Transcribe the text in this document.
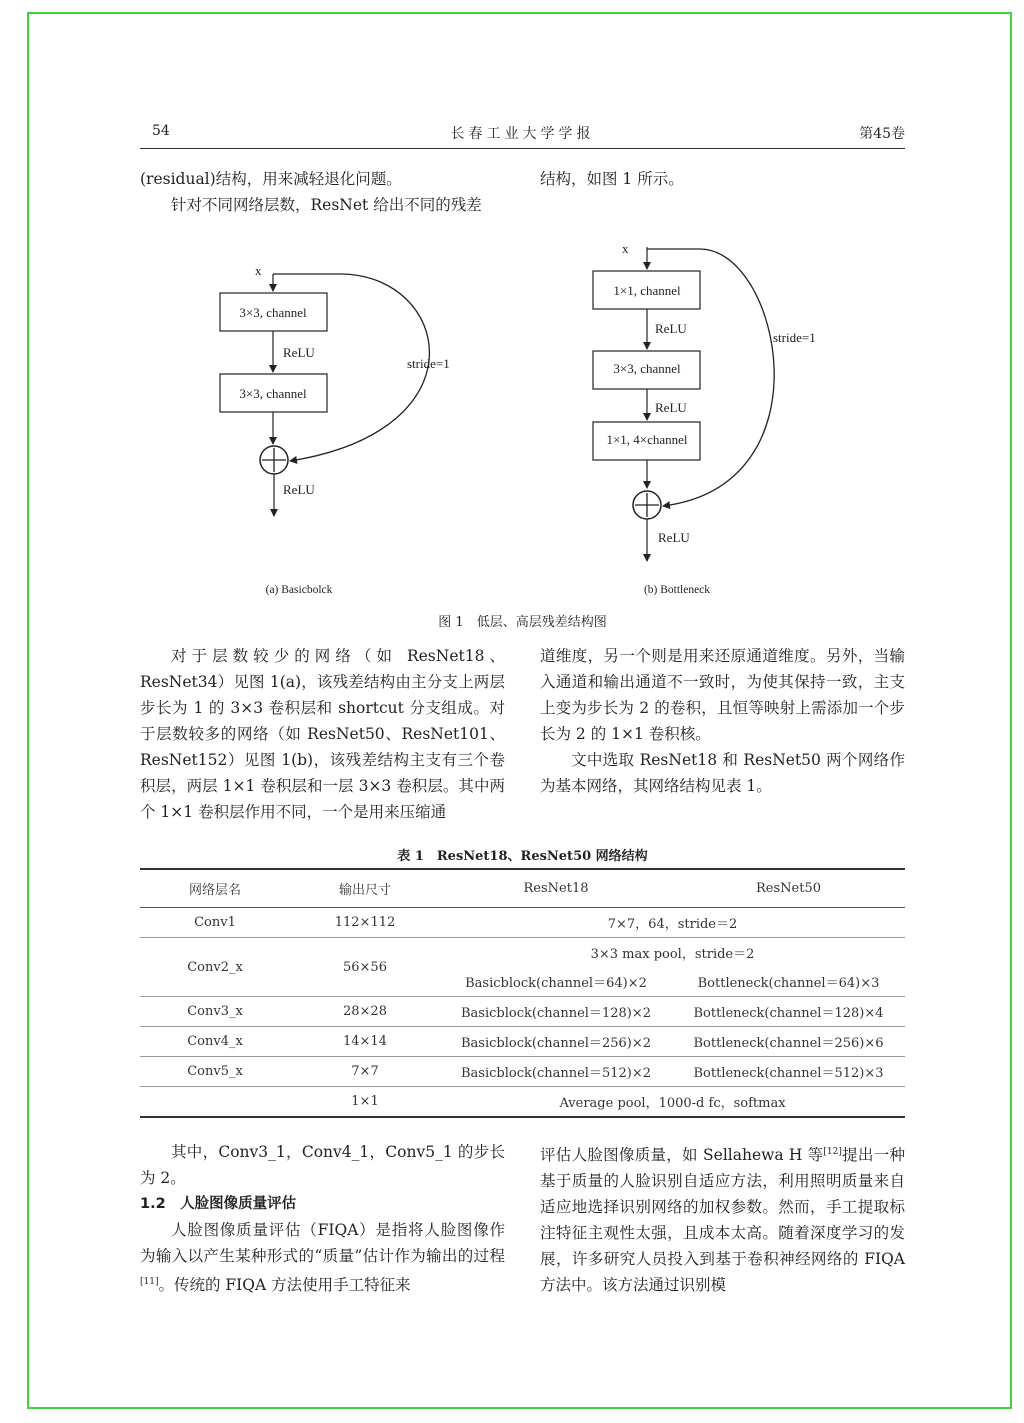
54	长春工业大学学报	第45卷

(residual)结构，用来减轻退化问题。

针对不同网络层数，ResNet 给出不同的残差

结构，如图 1 所示。

x
3×3, channel
ReLU
3×3, channel
stride=1
ReLU
x
1×1, channel
ReLU
3×3, channel
ReLU
1×1, 4×channel
stride=1
ReLU
(a) Basicbolck	(b) Bottleneck
图 1　低层、高层残差结构图

对于层数较少的网络（如 ResNet18、ResNet34）见图 1(a)，该残差结构由主分支上两层步长为 1 的 3×3 卷积层和 shortcut 分支组成。对于层数较多的网络（如 ResNet50、ResNet101、ResNet152）见图 1(b)，该残差结构主支有三个卷积层，两层 1×1 卷积层和一层 3×3 卷积层。其中两个 1×1 卷积层作用不同，一个是用来压缩通

道维度，另一个则是用来还原通道维度。另外，当输入通道和输出通道不一致时，为使其保持一致，主支上变为步长为 2 的卷积，且恒等映射上需添加一个步长为 2 的 1×1 卷积核。

文中选取 ResNet18 和 ResNet50 两个网络作为基本网络，其网络结构见表 1。

表 1　ResNet18、ResNet50 网络结构
网络层名	输出尺寸	ResNet18	ResNet50
Conv1	112×112	7×7，64，stride＝2	
Conv2_x	56×56	3×3 max pool，stride＝2	
		Basicblock(channel＝64)×2	Bottleneck(channel＝64)×3
Conv3_x	28×28	Basicblock(channel＝128)×2	Bottleneck(channel＝128)×4
Conv4_x	14×14	Basicblock(channel＝256)×2	Bottleneck(channel＝256)×6
Conv5_x	7×7	Basicblock(channel＝512)×2	Bottleneck(channel＝512)×3
	1×1	Average pool，1000-d fc，softmax	

其中，Conv3_1，Conv4_1，Conv5_1 的步长为 2。

1.2　人脸图像质量评估

人脸图像质量评估（FIQA）是指将人脸图像作为输入以产生某种形式的“质量”估计作为输出的过程[11]。传统的 FIQA 方法使用手工特征来

评估人脸图像质量，如 Sellahewa H 等[12]提出一种基于质量的人脸识别自适应方法，利用照明质量来自适应地选择识别网络的加权参数。然而，手工提取标注特征主观性太强，且成本太高。随着深度学习的发展，许多研究人员投入到基于卷积神经网络的 FIQA 方法中。该方法通过识别模
